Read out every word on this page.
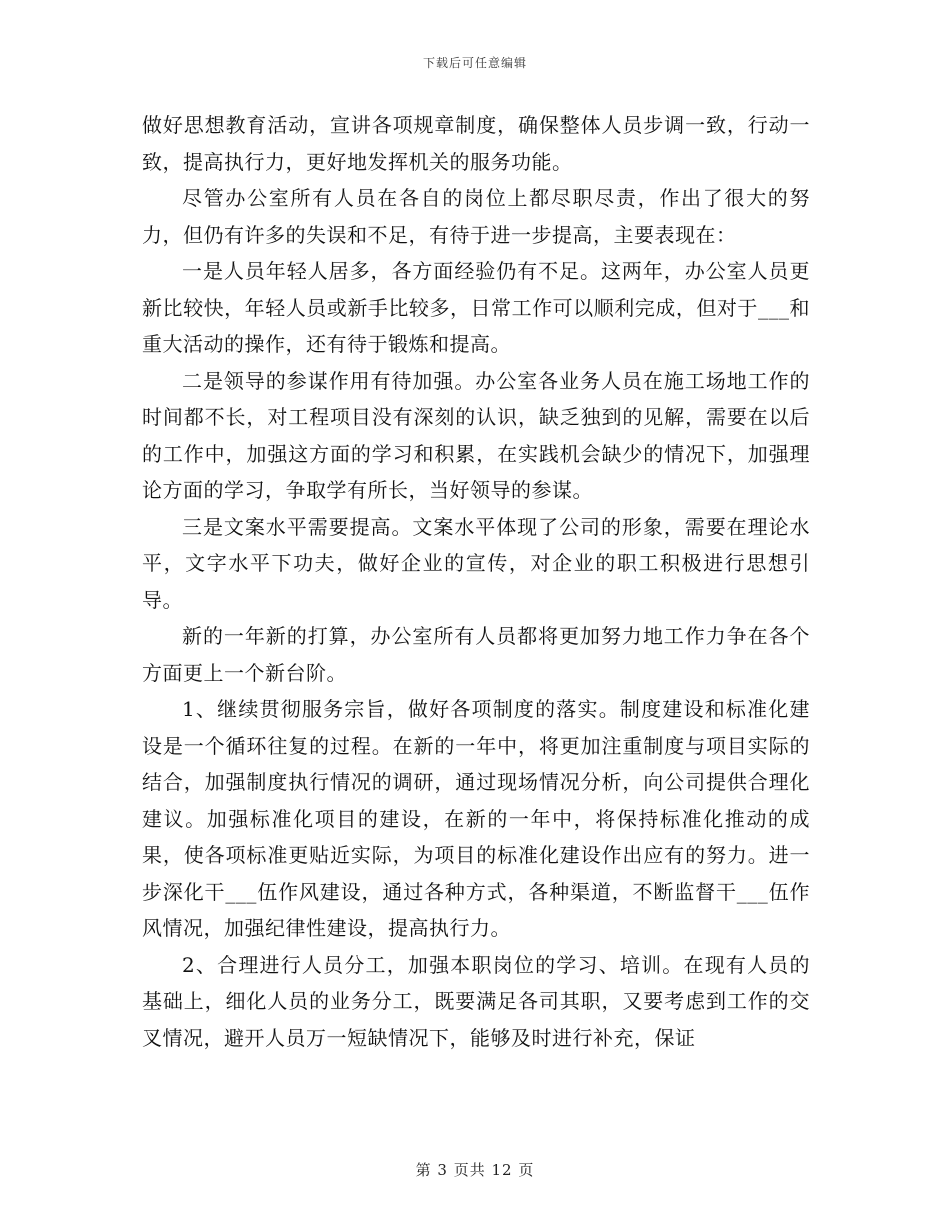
下载后可任意编辑

做好思想教育活动，宣讲各项规章制度，确保整体人员步调一致，行动一致，提高执行力，更好地发挥机关的服务功能。

尽管办公室所有人员在各自的岗位上都尽职尽责，作出了很大的努力，但仍有许多的失误和不足，有待于进一步提高，主要表现在：

一是人员年轻人居多，各方面经验仍有不足。这两年，办公室人员更新比较快，年轻人员或新手比较多，日常工作可以顺利完成，但对于___和重大活动的操作，还有待于锻炼和提高。

二是领导的参谋作用有待加强。办公室各业务人员在施工场地工作的时间都不长，对工程项目没有深刻的认识，缺乏独到的见解，需要在以后的工作中，加强这方面的学习和积累，在实践机会缺少的情况下，加强理论方面的学习，争取学有所长，当好领导的参谋。

三是文案水平需要提高。文案水平体现了公司的形象，需要在理论水平，文字水平下功夫，做好企业的宣传，对企业的职工积极进行思想引导。

新的一年新的打算，办公室所有人员都将更加努力地工作力争在各个方面更上一个新台阶。

1、继续贯彻服务宗旨，做好各项制度的落实。制度建设和标准化建设是一个循环往复的过程。在新的一年中，将更加注重制度与项目实际的结合，加强制度执行情况的调研，通过现场情况分析，向公司提供合理化建议。加强标准化项目的建设，在新的一年中，将保持标准化推动的成果，使各项标准更贴近实际，为项目的标准化建设作出应有的努力。进一步深化干___伍作风建设，通过各种方式，各种渠道，不断监督干___伍作风情况，加强纪律性建设，提高执行力。

2、合理进行人员分工，加强本职岗位的学习、培训。在现有人员的基础上，细化人员的业务分工，既要满足各司其职，又要考虑到工作的交叉情况，避开人员万一短缺情况下，能够及时进行补充，保证

第 3 页共 12 页
